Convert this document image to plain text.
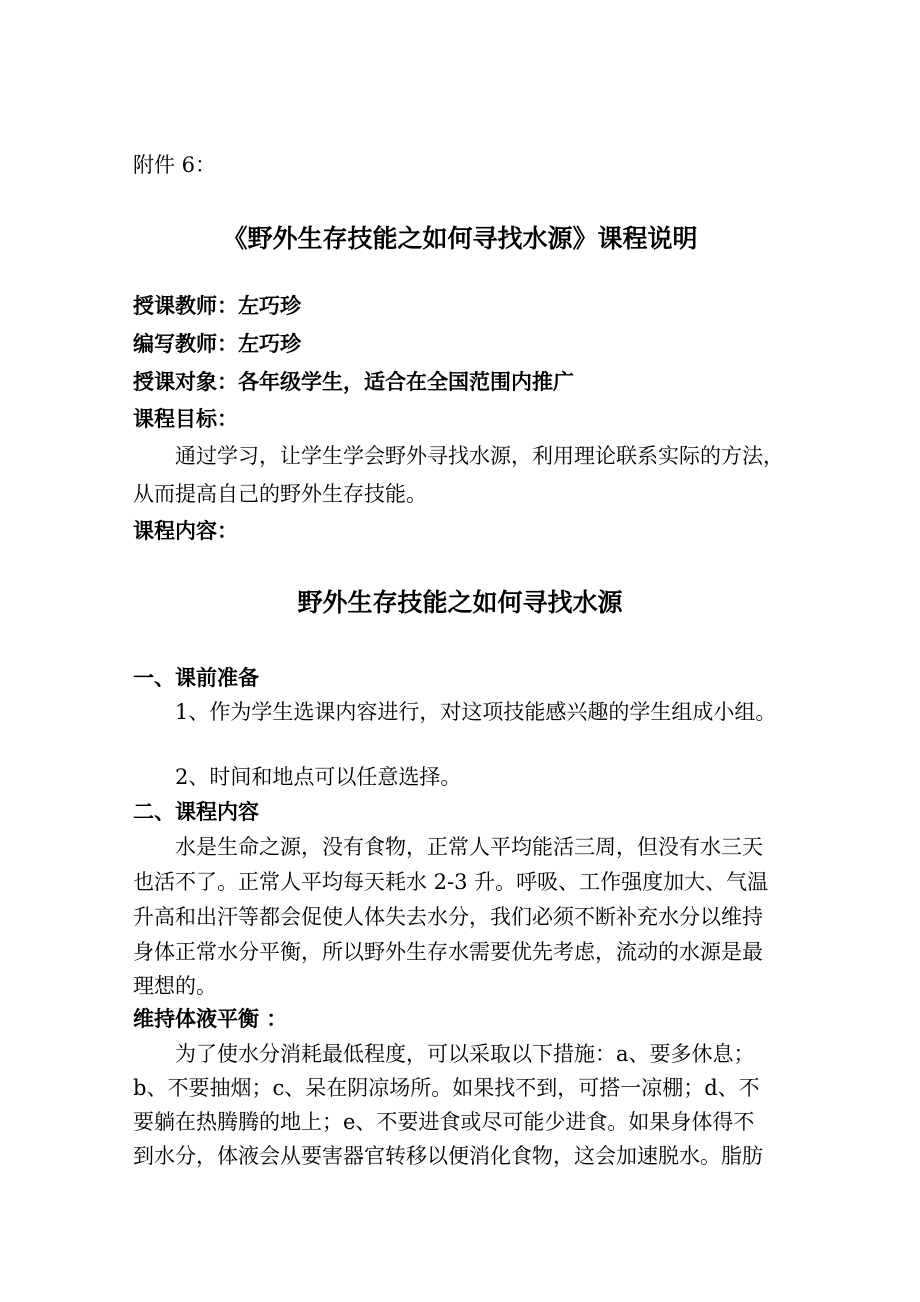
附件 6：

《野外生存技能之如何寻找水源》课程说明

授课教师：左巧珍

编写教师：左巧珍

授课对象：各年级学生，适合在全国范围内推广

课程目标：

通过学习，让学生学会野外寻找水源，利用理论联系实际的方法，

从而提高自己的野外生存技能。

课程内容：

野外生存技能之如何寻找水源

一、课前准备

1、作为学生选课内容进行，对这项技能感兴趣的学生组成小组。

2、时间和地点可以任意选择。

二、课程内容

水是生命之源，没有食物，正常人平均能活三周，但没有水三天

也活不了。正常人平均每天耗水 2-3 升。呼吸、工作强度加大、气温

升高和出汗等都会促使人体失去水分，我们必须不断补充水分以维持

身体正常水分平衡，所以野外生存水需要优先考虑，流动的水源是最

理想的。

维持体液平衡 ：

为了使水分消耗最低程度，可以采取以下措施：a、要多休息；

b、不要抽烟；c、呆在阴凉场所。如果找不到，可搭一凉棚；d、不

要躺在热腾腾的地上；e、不要进食或尽可能少进食。如果身体得不

到水分，体液会从要害器官转移以便消化食物，这会加速脱水。脂肪
